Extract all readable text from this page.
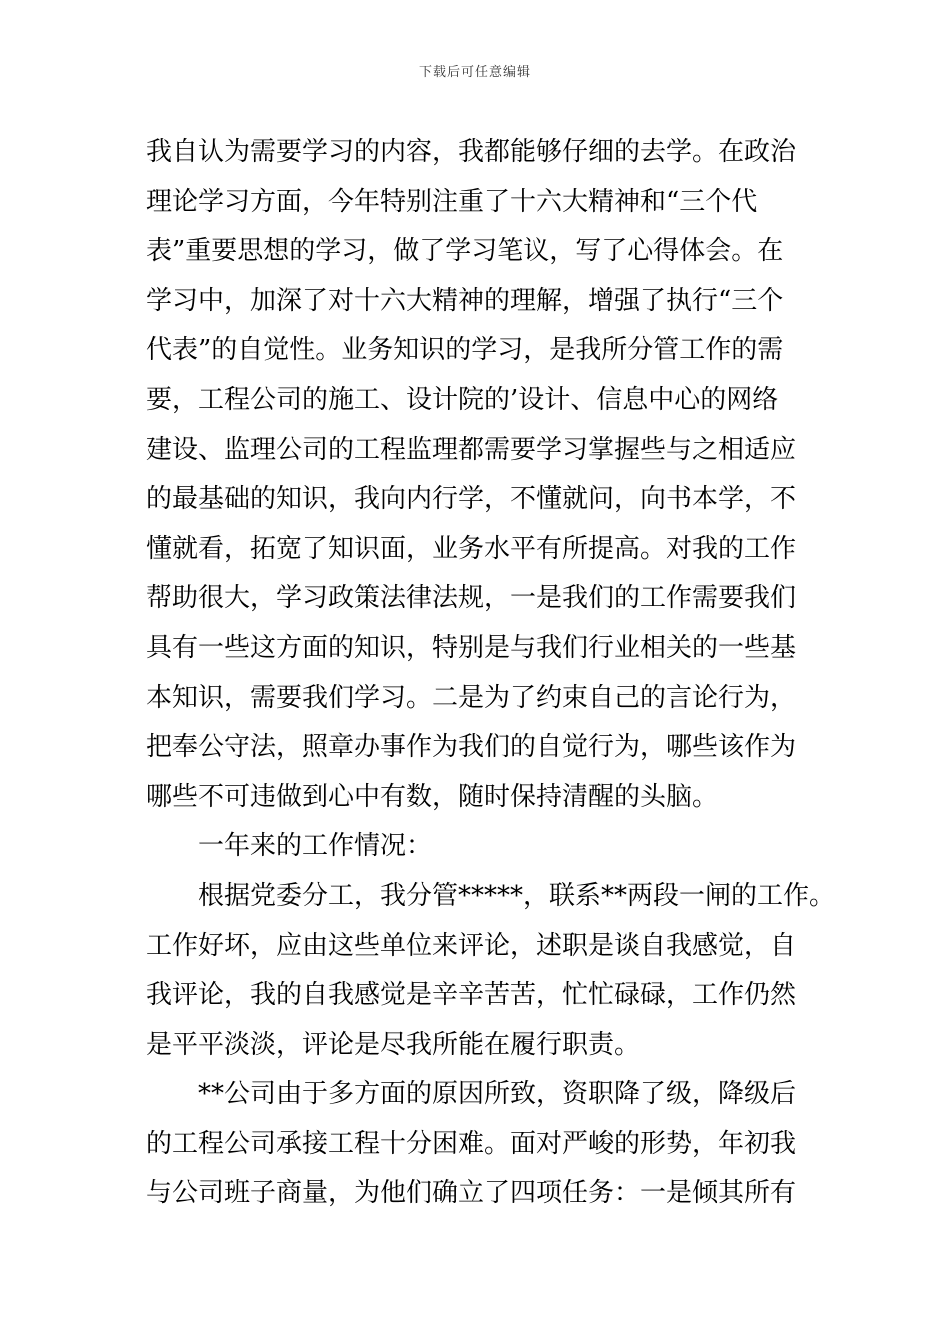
下载后可任意编辑
我自认为需要学习的内容，我都能够仔细的去学。在政治
理论学习方面，今年特别注重了十六大精神和“三个代
表”重要思想的学习，做了学习笔议，写了心得体会。在
学习中，加深了对十六大精神的理解，增强了执行“三个
代表”的自觉性。业务知识的学习，是我所分管工作的需
要，工程公司的施工、设计院的’设计、信息中心的网络
建设、监理公司的工程监理都需要学习掌握些与之相适应
的最基础的知识，我向内行学，不懂就问，向书本学，不
懂就看，拓宽了知识面，业务水平有所提高。对我的工作
帮助很大，学习政策法律法规，一是我们的工作需要我们
具有一些这方面的知识，特别是与我们行业相关的一些基
本知识，需要我们学习。二是为了约束自己的言论行为，
把奉公守法，照章办事作为我们的自觉行为，哪些该作为
哪些不可违做到心中有数，随时保持清醒的头脑。
一年来的工作情况：
根据党委分工，我分管*****，联系**两段一闸的工作。
工作好坏，应由这些单位来评论，述职是谈自我感觉，自
我评论，我的自我感觉是辛辛苦苦，忙忙碌碌，工作仍然
是平平淡淡，评论是尽我所能在履行职责。
**公司由于多方面的原因所致，资职降了级，降级后
的工程公司承接工程十分困难。面对严峻的形势，年初我
与公司班子商量，为他们确立了四项任务：一是倾其所有
